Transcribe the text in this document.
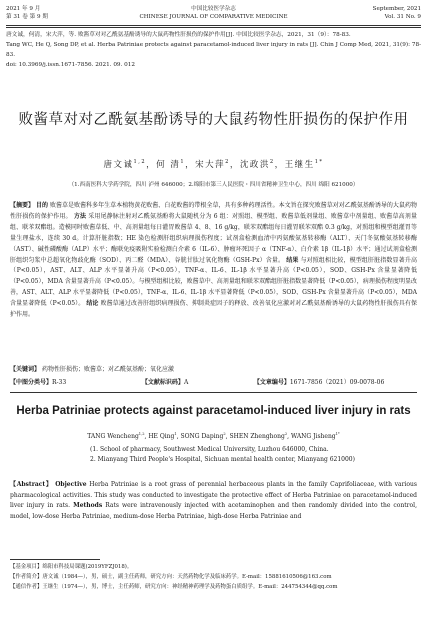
2021 年 9 月
第 31 卷 第 9 期
中国比较医学杂志
CHINESE JOURNAL OF COMPARATIVE MEDICINE
September, 2021
Vol. 31 No. 9
唐文诚，何清，宋大萍，等. 败酱草对对乙酰氨基酚诱导的大鼠药物性肝损伤的保护作用[J]. 中国比较医学杂志，2021，31（9）：78-83.
Tang WC, He Q, Song DP, et al. Herba Patriniae protects against paracetamol-induced liver injury in rats [J]. Chin J Comp Med, 2021, 31(9): 78-83.
doi: 10.3969/j.issn.1671-7856. 2021. 09. 012
败酱草对对乙酰氨基酚诱导的大鼠药物性肝损伤的保护作用
唐文诚$^{1,2}$，何 清$^1$，宋大萍$^2$，沈政洪$^2$，王继生$^{1*}$
（1.西南医科大学药学院，四川 泸州 646000；2.绵阳市第三人民医院・四川省精神卫生中心，四川 绵阳 621000）
【摘要】 目的 败酱草是败酱科多年生草本植物黄花败酱、白花败酱的带根全草，具有多种药理活性。本文旨在探究败酱草对对乙酰氨基酚诱导的大鼠药物性肝损伤的保护作用。 方法 采用尾静脉注射对乙酰氨基酚将大鼠随机分为 6 组：对照组、模型组、败酱草低剂量组、败酱草中剂量组、败酱草高剂量组、联苯双酯组。造模同时败酱草低、中、高剂量组每日灌胃败酱草 4、8、16 g/kg，联苯双酯组每日灌胃联苯双酯 0.3 g/kg，对照组和模型组灌胃等量生理盐水，连续 30 d。计算肝脏指数；HE 染色检测肝组织病理损伤程度；试剂盒检测血清中丙氨酸氨基转移酶（ALT）、天门冬氨酸氨基转移酶（AST）、碱性磷酸酶（ALP）水平；酶联免疫吸附实验检测白介素 6（IL-6）、肿瘤坏死因子 α（TNF-α）、白介素 1β（IL-1β）水平；通过试剂盒检测肝组织匀浆中总超氧化物歧化酶（SOD）、丙二醛（MDA）、谷胱甘肽过氧化物酶（GSH-Px）含量。 结果 与对照组相比较，模型组肝脏指数显著升高（P<0.05），AST、ALT、ALP 水平显著升高（P<0.05），TNF-α、IL-6、IL-1β 水平显著升高（P<0.05），SOD、GSH-Px 含量显著降低（P<0.05），MDA 含量显著升高（P<0.05）。与模型组相比较，败酱草中、高剂量组和联苯双酯组肝脏指数显著降低（P<0.05），病理损伤程度明显改善，AST、ALT、ALP 水平显著降低（P<0.05），TNF-α、IL-6、IL-1β 水平显著降低（P<0.05），SOD、GSH-Px 含量显著升高（P<0.05），MDA 含量显著降低（P<0.05）。 结论 败酱草通过改善肝组织病理损伤、抑制炎症因子的释放、改善氧化应激对对乙酰氨基酚诱导的大鼠药物性肝损伤具有保护作用。
【关键词】 药物性肝损伤；败酱草；对乙酰氨基酚；氧化应激
【中图分类号】R-33	【文献标识码】A	【文章编号】1671-7856（2021）09-0078-06
Herba Patriniae protects against paracetamol-induced liver injury in rats
TANG Wencheng$^{1,2}$, HE Qing$^1$, SONG Daping$^2$, SHEN Zhenghong$^2$, WANG Jisheng$^{1*}$
(1. School of pharmacy, Southwest Medical University, Luzhou 646000, China.
2. Mianyang Third People's Hospital, Sichuan mental health center, Mianyang 621000)
【Abstract】 Objective Herba Patriniae is a root grass of perennial herbaceous plants in the family Caprifoliaceae, with various pharmacological activities. This study was conducted to investigate the protective effect of Herba Patriniae on paracetamol-induced liver injury in rats. Methods Rats were intravenously injected with acetaminophen and then randomly divided into the control, model, low-dose Herba Patriniae, medium-dose Herba Patriniae, high-dose Herba Patriniae and
【基金项目】绵阳市科技局课题(2019YFZJ018)。
【作者简介】唐文诚（1984—），男，硕士，副主任药师，研究方向：天然药物化学及临床药学。E-mail：15881610506@163.com
【通信作者】王继生（1974—），男，博士，主任药师，研究方向：神经精神药理学及药物蛋白质组学。E-mail：244754344@qq.com
